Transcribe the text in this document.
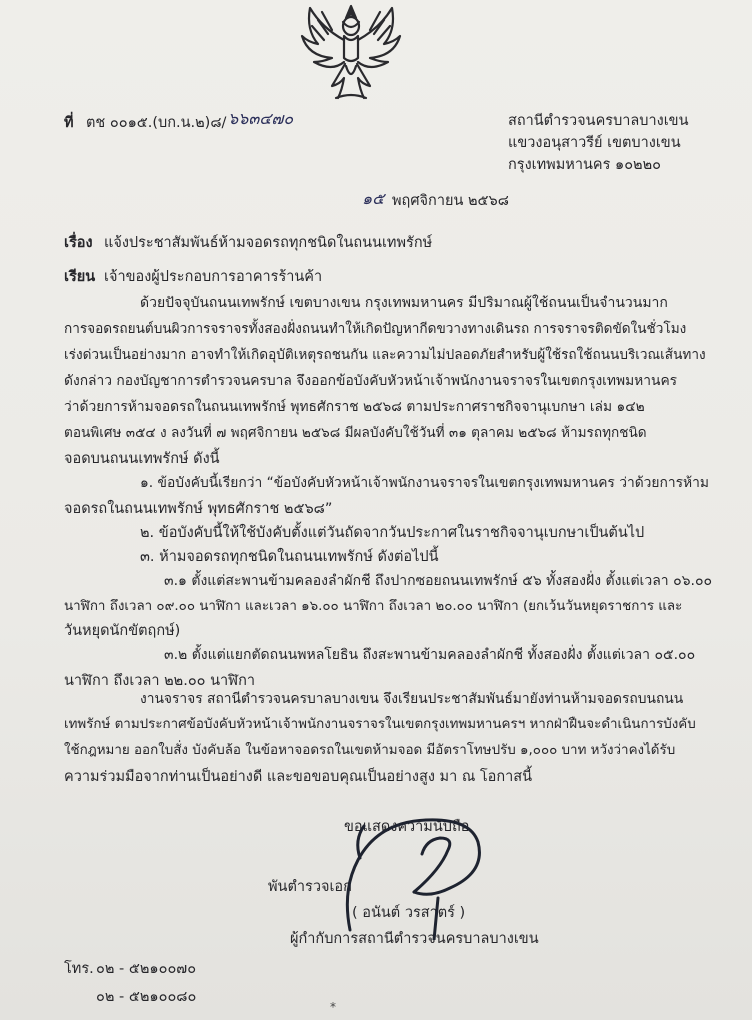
ที่ ตช ๐๐๑๕.(บก.น.๒)๘/ ๖๖๓๔๗๐	สถานีตำรวจนครบาลบางเขน
แขวงอนุสาวรีย์ เขตบางเขน
กรุงเทพมหานคร ๑๐๒๒๐
๑๕ พฤศจิกายน ๒๕๖๘
เรื่อง แจ้งประชาสัมพันธ์ห้ามจอดรถทุกชนิดในถนนเทพรักษ์
เรียน เจ้าของผู้ประกอบการอาคารร้านค้า
ด้วยปัจจุบันถนนเทพรักษ์ เขตบางเขน กรุงเทพมหานคร มีปริมาณผู้ใช้ถนนเป็นจำนวนมาก
การจอดรถยนต์บนผิวการจราจรทั้งสองฝั่งถนนทำให้เกิดปัญหากีดขวางทางเดินรถ การจราจรติดขัดในชั่วโมง
เร่งด่วนเป็นอย่างมาก อาจทำให้เกิดอุบัติเหตุรถชนกัน และความไม่ปลอดภัยสำหรับผู้ใช้รถใช้ถนนบริเวณเส้นทาง
ดังกล่าว กองบัญชาการตำรวจนครบาล จึงออกข้อบังคับหัวหน้าเจ้าพนักงานจราจรในเขตกรุงเทพมหานคร
ว่าด้วยการห้ามจอดรถในถนนเทพรักษ์ พุทธศักราช ๒๕๖๘ ตามประกาศราชกิจจานุเบกษา เล่ม ๑๔๒
ตอนพิเศษ ๓๕๔ ง ลงวันที่ ๗ พฤศจิกายน ๒๕๖๘ มีผลบังคับใช้วันที่ ๓๑ ตุลาคม ๒๕๖๘ ห้ามรถทุกชนิด
จอดบนถนนเทพรักษ์ ดังนี้
๑. ข้อบังคับนี้เรียกว่า “ข้อบังคับหัวหน้าเจ้าพนักงานจราจรในเขตกรุงเทพมหานคร ว่าด้วยการห้าม
จอดรถในถนนเทพรักษ์ พุทธศักราช ๒๕๖๘”
๒. ข้อบังคับนี้ให้ใช้บังคับตั้งแต่วันถัดจากวันประกาศในราชกิจจานุเบกษาเป็นต้นไป
๓. ห้ามจอดรถทุกชนิดในถนนเทพรักษ์ ดังต่อไปนี้
๓.๑ ตั้งแต่สะพานข้ามคลองลำผักชี ถึงปากซอยถนนเทพรักษ์ ๕๖ ทั้งสองฝั่ง ตั้งแต่เวลา ๐๖.๐๐
นาฬิกา ถึงเวลา ๐๙.๐๐ นาฬิกา และเวลา ๑๖.๐๐ นาฬิกา ถึงเวลา ๒๐.๐๐ นาฬิกา (ยกเว้นวันหยุดราชการ และ
วันหยุดนักขัตฤกษ์)
๓.๒ ตั้งแต่แยกตัดถนนพหลโยธิน ถึงสะพานข้ามคลองลำผักชี ทั้งสองฝั่ง ตั้งแต่เวลา ๐๕.๐๐
นาฬิกา ถึงเวลา ๒๒.๐๐ นาฬิกา
งานจราจร สถานีตำรวจนครบาลบางเขน จึงเรียนประชาสัมพันธ์มายังท่านห้ามจอดรถบนถนน
เทพรักษ์ ตามประกาศข้อบังคับหัวหน้าเจ้าพนักงานจราจรในเขตกรุงเทพมหานครฯ หากฝ่าฝืนจะดำเนินการบังคับ
ใช้กฎหมาย ออกใบสั่ง บังคับล้อ ในข้อหาจอดรถในเขตห้ามจอด มีอัตราโทษปรับ ๑,๐๐๐ บาท หวังว่าคงได้รับ
ความร่วมมือจากท่านเป็นอย่างดี และขอขอบคุณเป็นอย่างสูง มา ณ โอกาสนี้
ขอแสดงความนับถือ
พันตำรวจเอก
( อนันต์ วรสาตร์ )
ผู้กำกับการสถานีตำรวจนครบาลบางเขน
โทร. ๐๒ - ๕๒๑๐๐๗๐
๐๒ - ๕๒๑๐๐๘๐
*
